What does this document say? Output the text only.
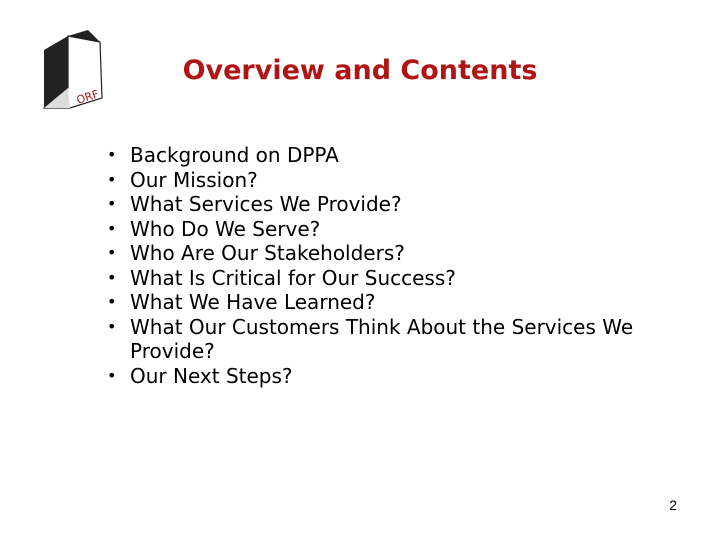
ORF
Overview and Contents
• Background on DPPA
• Our Mission?
• What Services We Provide?
• Who Do We Serve?
• Who Are Our Stakeholders?
• What Is Critical for Our Success?
• What We Have Learned?
• What Our Customers Think About the Services We Provide?
• Our Next Steps?
2
